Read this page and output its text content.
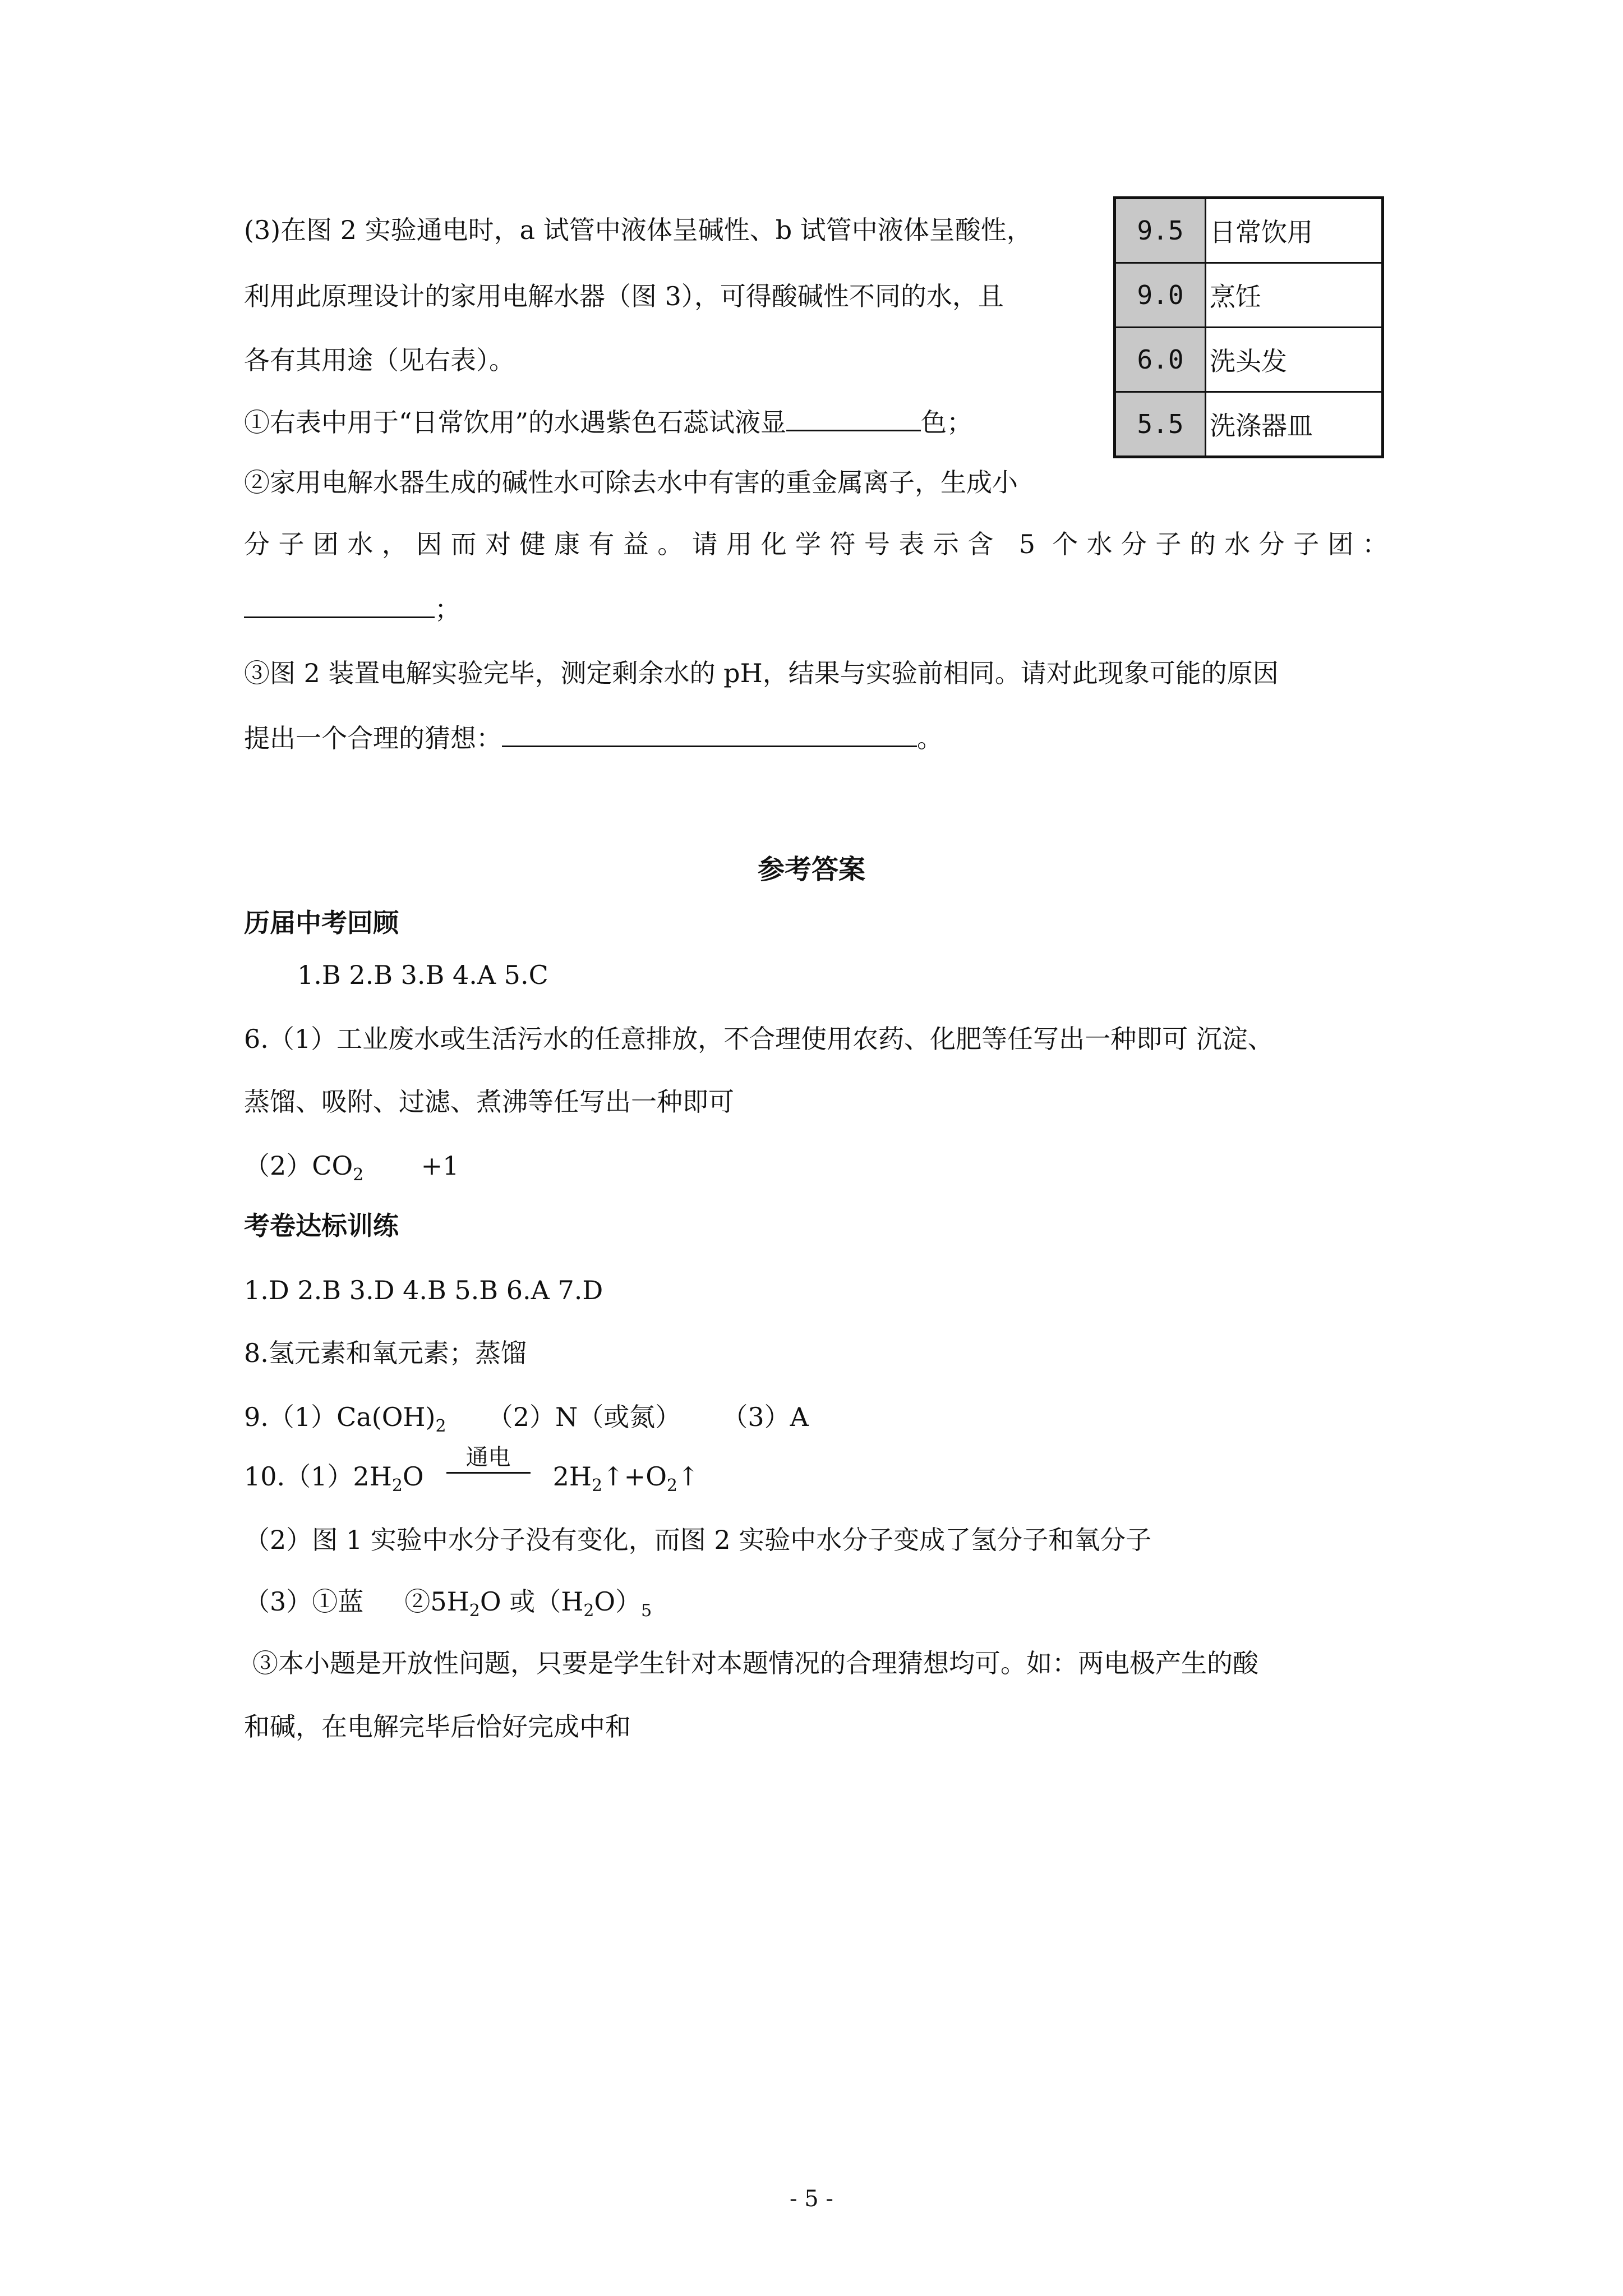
(3)在图 2 实验通电时，a 试管中液体呈碱性、b 试管中液体呈酸性，
利用此原理设计的家用电解水器（图 3），可得酸碱性不同的水，且
各有其用途（见右表）。
①右表中用于“日常饮用”的水遇紫色石蕊试液显	色；
②家用电解水器生成的碱性水可除去水中有害的重金属离子，生成小
分子团水，因而对健康有益。请用化学符号表示含 5 个水分子的水分子团：
；
③图 2 装置电解实验完毕，测定剩余水的 pH，结果与实验前相同。请对此现象可能的原因
提出一个合理的猜想：	。
9.5	日常饮用
9.0	烹饪
6.0	洗头发
5.5	洗涤器皿
参考答案
历届中考回顾
1.B 2.B 3.B 4.A 5.C
6.（1）工业废水或生活污水的任意排放，不合理使用农药、化肥等任写出一种即可 沉淀、
蒸馏、吸附、过滤、煮沸等任写出一种即可
$(2)CO_2$       +1
考卷达标训练
1.D 2.B 3.D 4.B 5.B 6.A 7.D
8.氢元素和氧元素；蒸馏
$9.(1)Ca(OH)_2$     （2）N（或氮）     （3）A
$10.(1)2H_2O$
通电
$2H_2↑+O_2↑$
（2）图 1 实验中水分子没有变化，而图 2 实验中水分子变成了氢分子和氧分子
（3）①蓝     $②5H_2O$ 或$(H_2O)_5$
③本小题是开放性问题，只要是学生针对本题情况的合理猜想均可。如：两电极产生的酸
和碱，在电解完毕后恰好完成中和
- 5 -
